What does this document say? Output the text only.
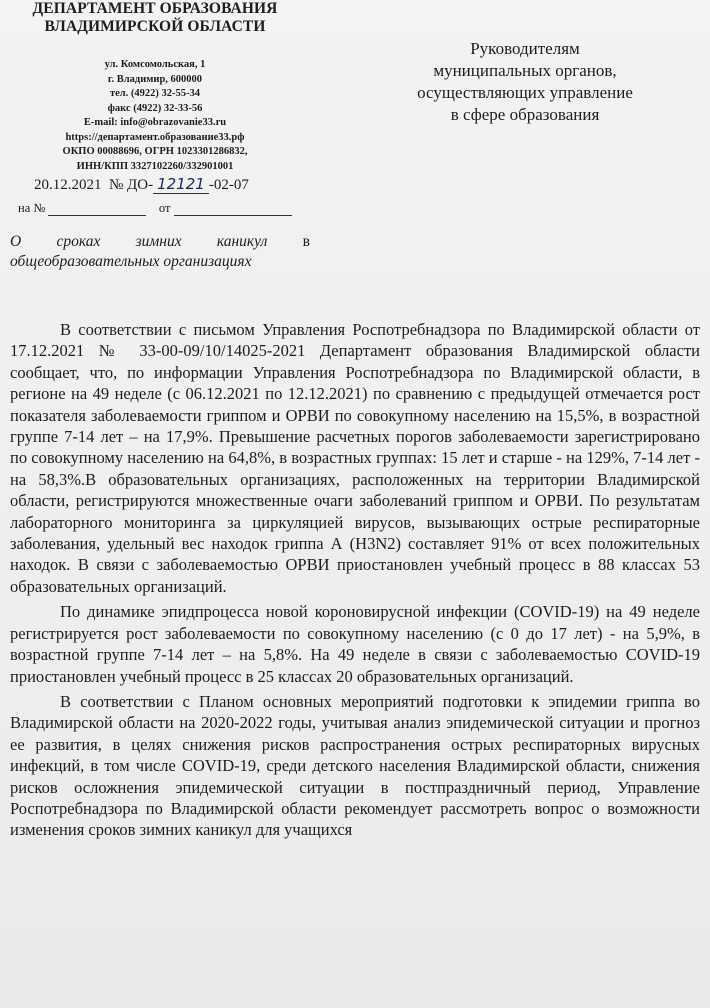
ДЕПАРТАМЕНТ ОБРАЗОВАНИЯ
ВЛАДИМИРСКОЙ ОБЛАСТИ
ул. Комсомольская, 1
г. Владимир, 600000
тел. (4922) 32-55-34
факс (4922) 32-33-56
E-mail: info@obrazovanie33.ru
https://департамент.образование33.рф
ОКПО 00088696, ОГРН 1023301286832,
ИНН/КПП 3327102260/332901001
20.12.2021 № ДО- 12121 -02-07
на №	от
О сроках зимних каникул в
общеобразовательных организациях
Руководителям
муниципальных органов,
осуществляющих управление
в сфере образования

В соответствии с письмом Управления Роспотребнадзора по Владимирской области от 17.12.2021 № 33-00-09/10/14025-2021 Департамент образования Владимирской области сообщает, что, по информации Управления Роспотребнадзора по Владимирской области, в регионе на 49 неделе (с 06.12.2021 по 12.12.2021) по сравнению с предыдущей отмечается рост показателя заболеваемости гриппом и ОРВИ по совокупному населению на 15,5%, в возрастной группе 7-14 лет – на 17,9%. Превышение расчетных порогов заболеваемости зарегистрировано по совокупному населению на 64,8%, в возрастных группах: 15 лет и старше - на 129%, 7-14 лет - на 58,3%.В образовательных организациях, расположенных на территории Владимирской области, регистрируются множественные очаги заболеваний гриппом и ОРВИ. По результатам лабораторного мониторинга за циркуляцией вирусов, вызывающих острые респираторные заболевания, удельный вес находок гриппа А (H3N2) составляет 91% от всех положительных находок. В связи с заболеваемостью ОРВИ приостановлен учебный процесс в 88 классах 53 образовательных организаций.

По динамике эпидпроцесса новой короновирусной инфекции (COVID-19) на 49 неделе регистрируется рост заболеваемости по совокупному населению (с 0 до 17 лет) - на 5,9%, в возрастной группе 7-14 лет – на 5,8%. На 49 неделе в связи с заболеваемостью COVID-19 приостановлен учебный процесс в 25 классах 20 образовательных организаций.

В соответствии с Планом основных мероприятий подготовки к эпидемии гриппа во Владимирской области на 2020-2022 годы, учитывая анализ эпидемической ситуации и прогноз ее развития, в целях снижения рисков распространения острых респираторных вирусных инфекций, в том числе COVID-19, среди детского населения Владимирской области, снижения рисков осложнения эпидемической ситуации в постпраздничный период, Управление Роспотребнадзора по Владимирской области рекомендует рассмотреть вопрос о возможности изменения сроков зимних каникул для учащихся
